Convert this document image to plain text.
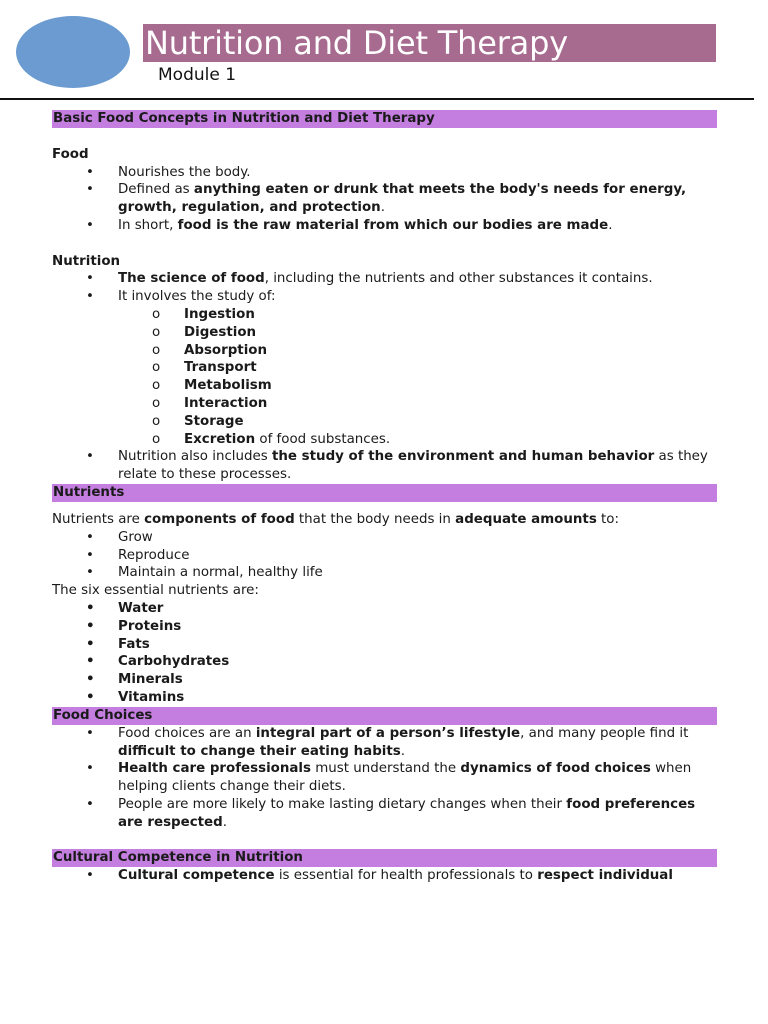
Nutrition and Diet Therapy
Module 1
Basic Food Concepts in Nutrition and Diet Therapy

Food

• Nourishes the body.
• Defined as anything eaten or drunk that meets the body's needs for energy, growth, regulation, and protection.
• In short, food is the raw material from which our bodies are made.

Nutrition

• The science of food, including the nutrients and other substances it contains.
• It involves the study of:
o Ingestion
o Digestion
o Absorption
o Transport
o Metabolism
o Interaction
o Storage
o Excretion of food substances.
• Nutrition also includes the study of the environment and human behavior as they relate to these processes.
Nutrients

Nutrients are components of food that the body needs in adequate amounts to:

• Grow
• Reproduce
• Maintain a normal, healthy life

The six essential nutrients are:

• Water
• Proteins
• Fats
• Carbohydrates
• Minerals
• Vitamins
Food Choices
• Food choices are an integral part of a person’s lifestyle, and many people find it difficult to change their eating habits.
• Health care professionals must understand the dynamics of food choices when helping clients change their diets.
• People are more likely to make lasting dietary changes when their food preferences are respected.
Cultural Competence in Nutrition
• Cultural competence is essential for health professionals to respect individual
